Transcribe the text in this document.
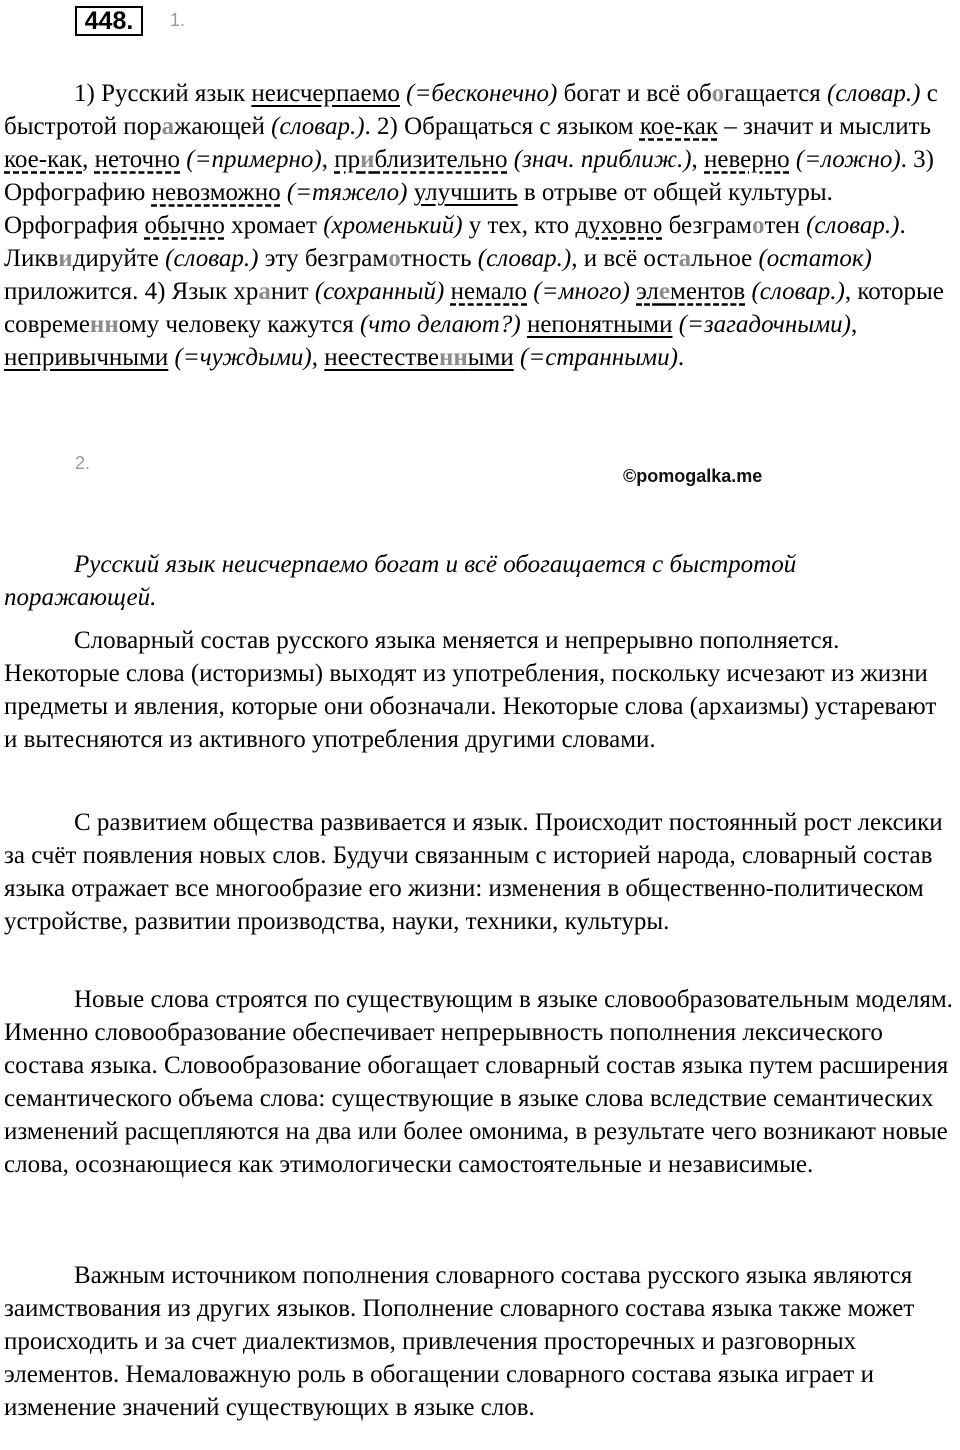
448.	1.

1) Русский язык неисчерпаемо (=бесконечно) богат и всё обогащается (словар.) с быстротой поражающей (словар.). 2) Обращаться с языком кое-как – значит и мыслить кое-как, неточно (=примерно), приблизительно (знач. приближ.), неверно (=ложно). 3) Орфографию невозможно (=тяжело) улучшить в отрыве от общей культуры. Орфография обычно хромает (хроменький) у тех, кто духовно безграмотен (словар.). Ликвидируйте (словар.) эту безграмотность (словар.), и всё остальное (остаток) приложится. 4) Язык хранит (сохранный) немало (=много) элементов (словар.), которые современному человеку кажутся (что делают?) непонятными (=загадочными), непривычными (=чуждыми), неестественными (=странными).

2.
©pomogalka.me

Русский язык неисчерпаемо богат и всё обогащается с быстротой поражающей.

Словарный состав русского языка меняется и непрерывно пополняется. Некоторые слова (историзмы) выходят из употребления, поскольку исчезают из жизни предметы и явления, которые они обозначали. Некоторые слова (архаизмы) устаревают и вытесняются из активного употребления другими словами.

С развитием общества развивается и язык. Происходит постоянный рост лексики за счёт появления новых слов. Будучи связанным с историей народа, словарный состав языка отражает все многообразие его жизни: изменения в общественно-политическом устройстве, развитии производства, науки, техники, культуры.

Новые слова строятся по существующим в языке словообразовательным моделям. Именно словообразование обеспечивает непрерывность пополнения лексического состава языка. Словообразование обогащает словарный состав языка путем расширения семантического объема слова: существующие в языке слова вследствие семантических изменений расщепляются на два или более омонима, в результате чего возникают новые слова, осознающиеся как этимологически самостоятельные и независимые.

Важным источником пополнения словарного состава русского языка являются заимствования из других языков. Пополнение словарного состава языка также может происходить и за счет диалектизмов, привлечения просторечных и разговорных элементов. Немаловажную роль в обогащении словарного состава языка играет и изменение значений существующих в языке слов.
